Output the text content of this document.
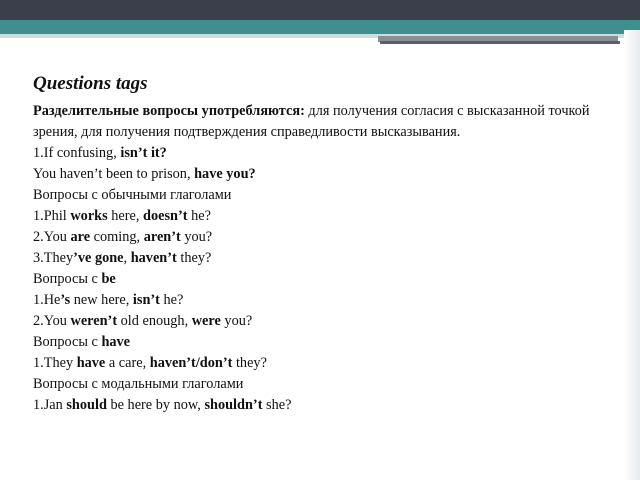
Questions tags

Разделительные вопросы употребляются: для получения согласия с высказанной точкой зрения, для получения подтверждения справедливости высказывания.

1.If confusing, isn’t it?

You haven’t been to prison, have you?

Вопросы с обычными глаголами

1.Phil works here, doesn’t he?

2.You are coming, aren’t you?

3.They’ve gone, haven’t they?

Вопросы с be

1.He’s new here, isn’t he?

2.You weren’t old enough, were you?

Вопросы с have

1.They have a care, haven’t/don’t they?

Вопросы с модальными глаголами

1.Jan should be here by now, shouldn’t she?
